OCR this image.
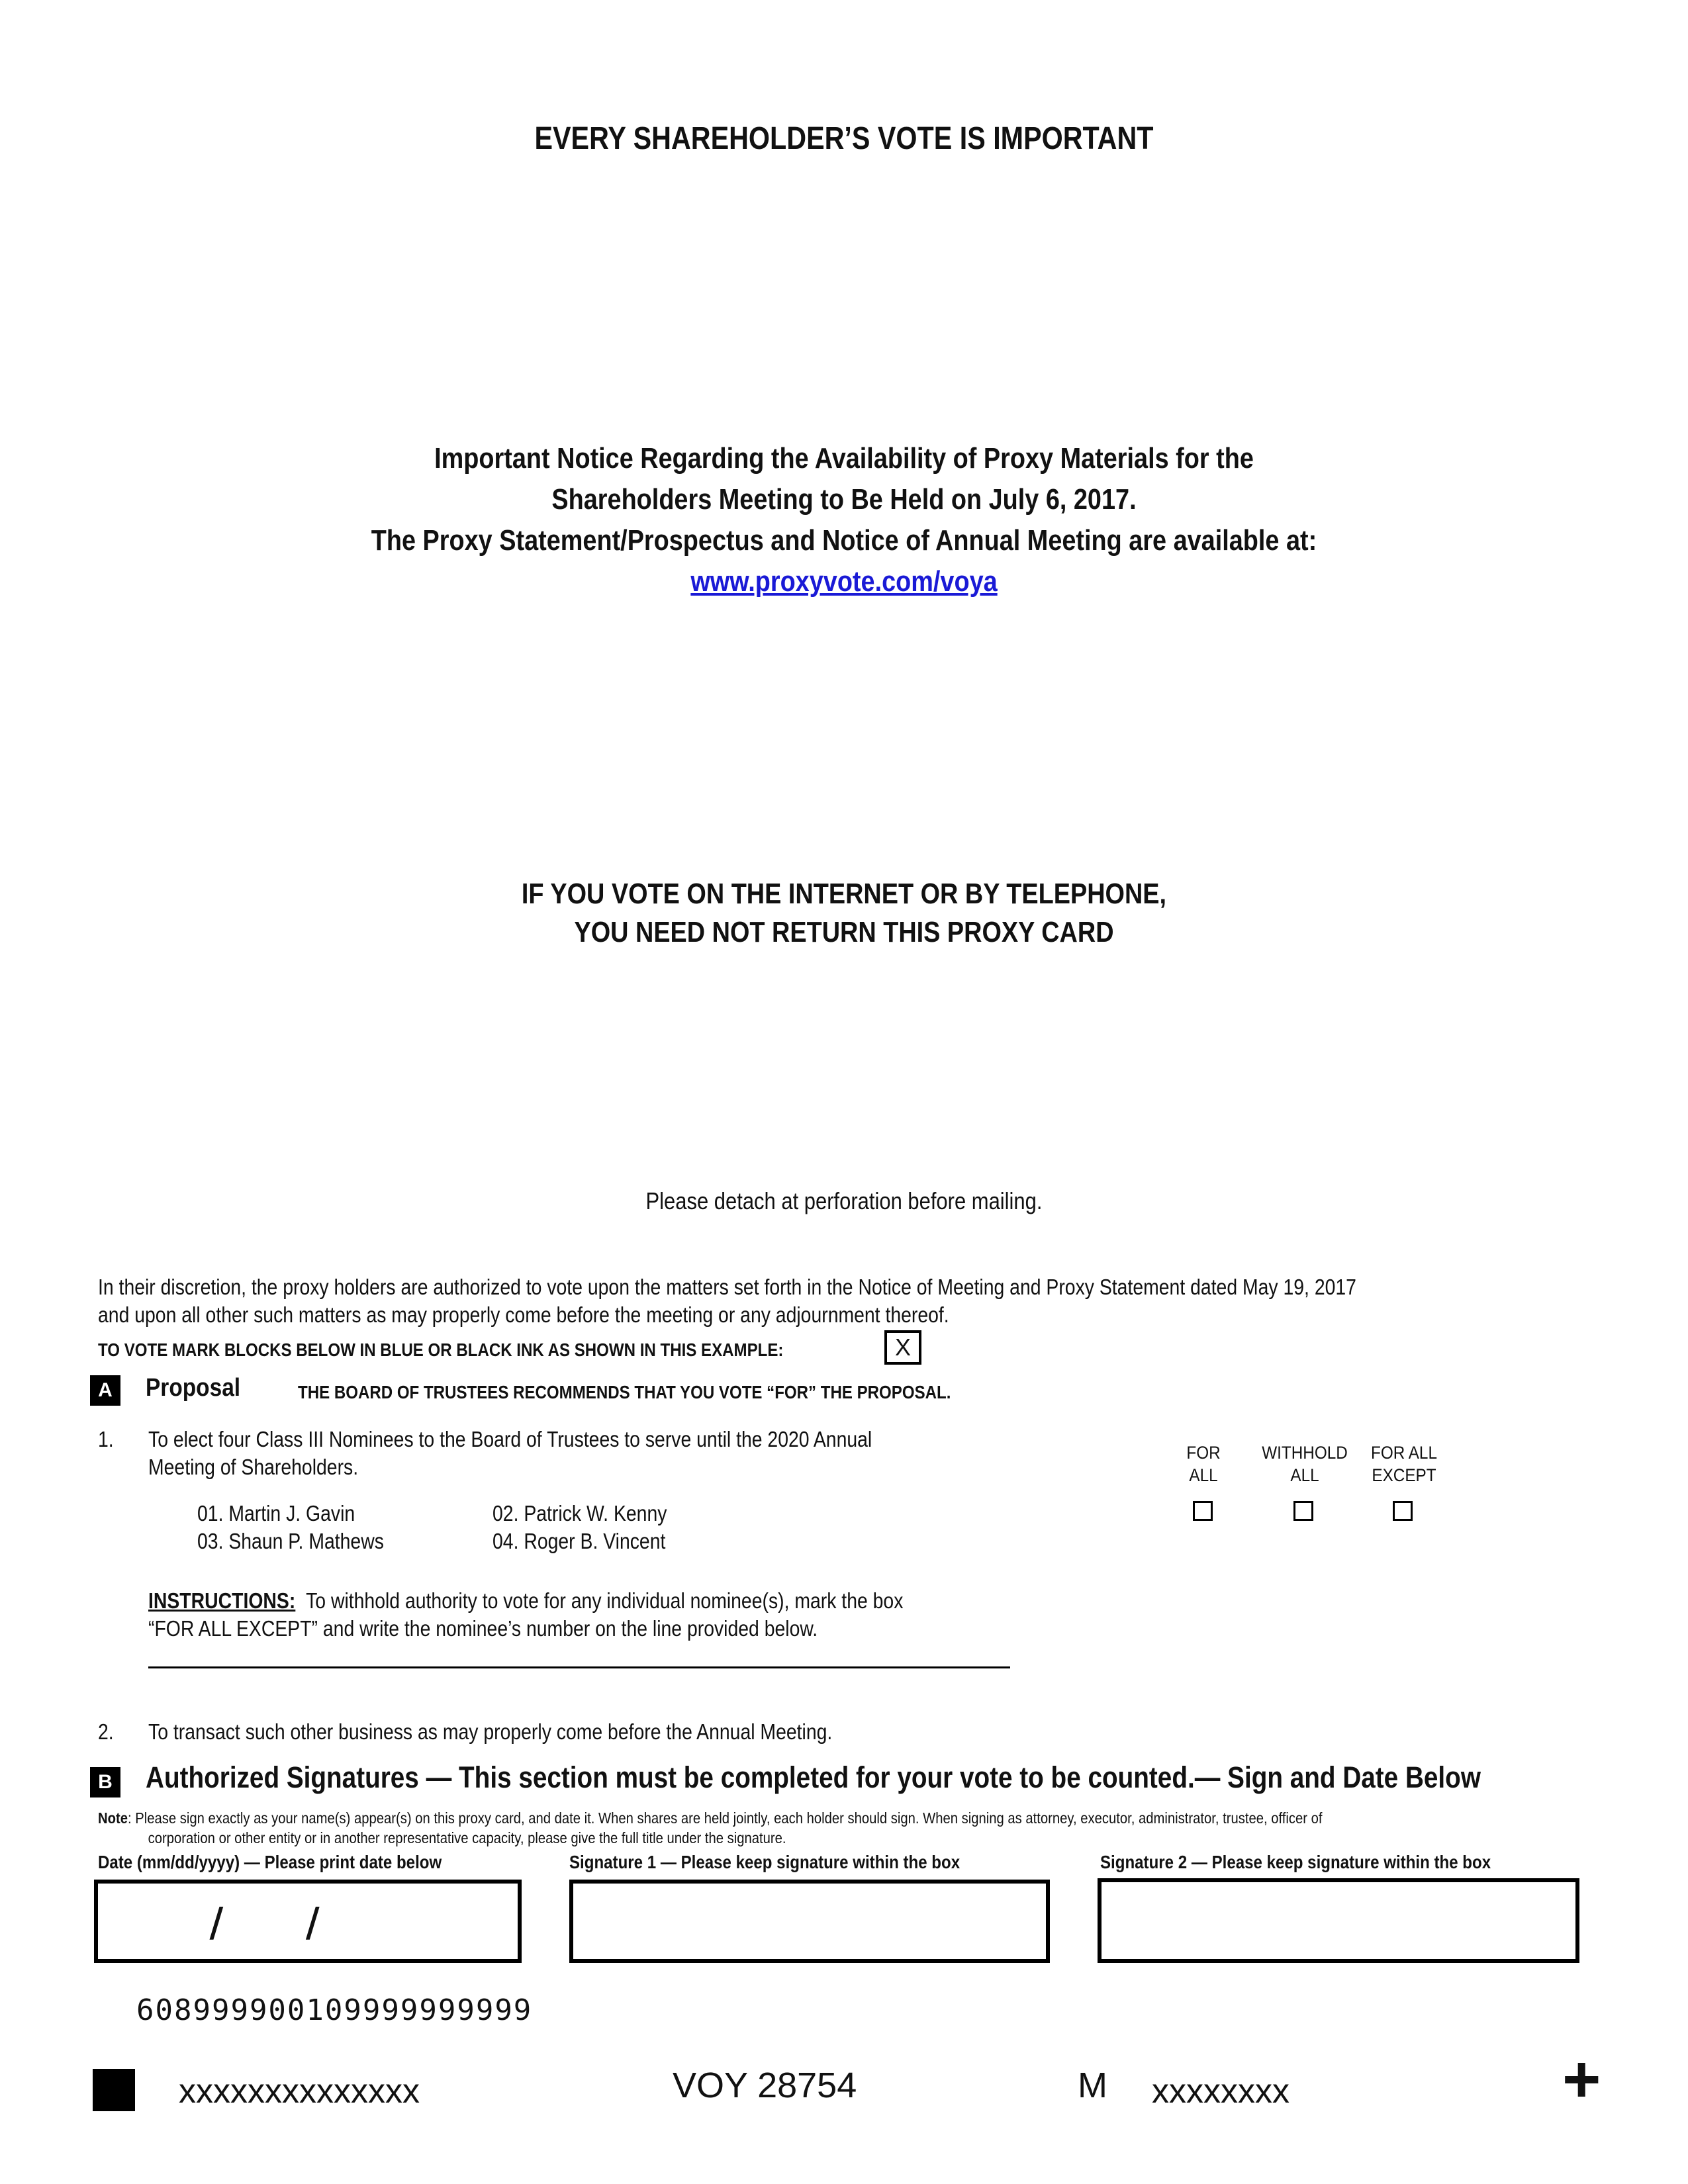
EVERY SHAREHOLDER’S VOTE IS IMPORTANT
Important Notice Regarding the Availability of Proxy Materials for the
Shareholders Meeting to Be Held on July 6, 2017.
The Proxy Statement/Prospectus and Notice of Annual Meeting are available at:
www.proxyvote.com/voya
IF YOU VOTE ON THE INTERNET OR BY TELEPHONE,
YOU NEED NOT RETURN THIS PROXY CARD
Please detach at perforation before mailing.
In their discretion, the proxy holders are authorized to vote upon the matters set forth in the Notice of Meeting and Proxy Statement dated May 19, 2017
and upon all other such matters as may properly come before the meeting or any adjournment thereof.
TO VOTE MARK BLOCKS BELOW IN BLUE OR BLACK INK AS SHOWN IN THIS EXAMPLE:	X
A	Proposal	THE BOARD OF TRUSTEES RECOMMENDS THAT YOU VOTE “FOR” THE PROPOSAL.
1. To elect four Class III Nominees to the Board of Trustees to serve until the 2020 Annual
Meeting of Shareholders.
01. Martin J. Gavin	02. Patrick W. Kenny
03. Shaun P. Mathews	04. Roger B. Vincent
FOR
ALL
WITHHOLD
ALL
FOR ALL
EXCEPT
INSTRUCTIONS: To withhold authority to vote for any individual nominee(s), mark the box
“FOR ALL EXCEPT” and write the nominee’s number on the line provided below.
2. To transact such other business as may properly come before the Annual Meeting.
B Authorized Signatures — This section must be completed for your vote to be counted.— Sign and Date Below
Note: Please sign exactly as your name(s) appear(s) on this proxy card, and date it. When shares are held jointly, each holder should sign. When signing as attorney, executor, administrator, trustee, officer of
corporation or other entity or in another representative capacity, please give the full title under the signature.
Date (mm/dd/yyyy) — Please print date below	Signature 1 — Please keep signature within the box	Signature 2 — Please keep signature within the box
/      /
608999900109999999999
xxxxxxxxxxxxxx	VOY 28754	M xxxxxxxx	+
